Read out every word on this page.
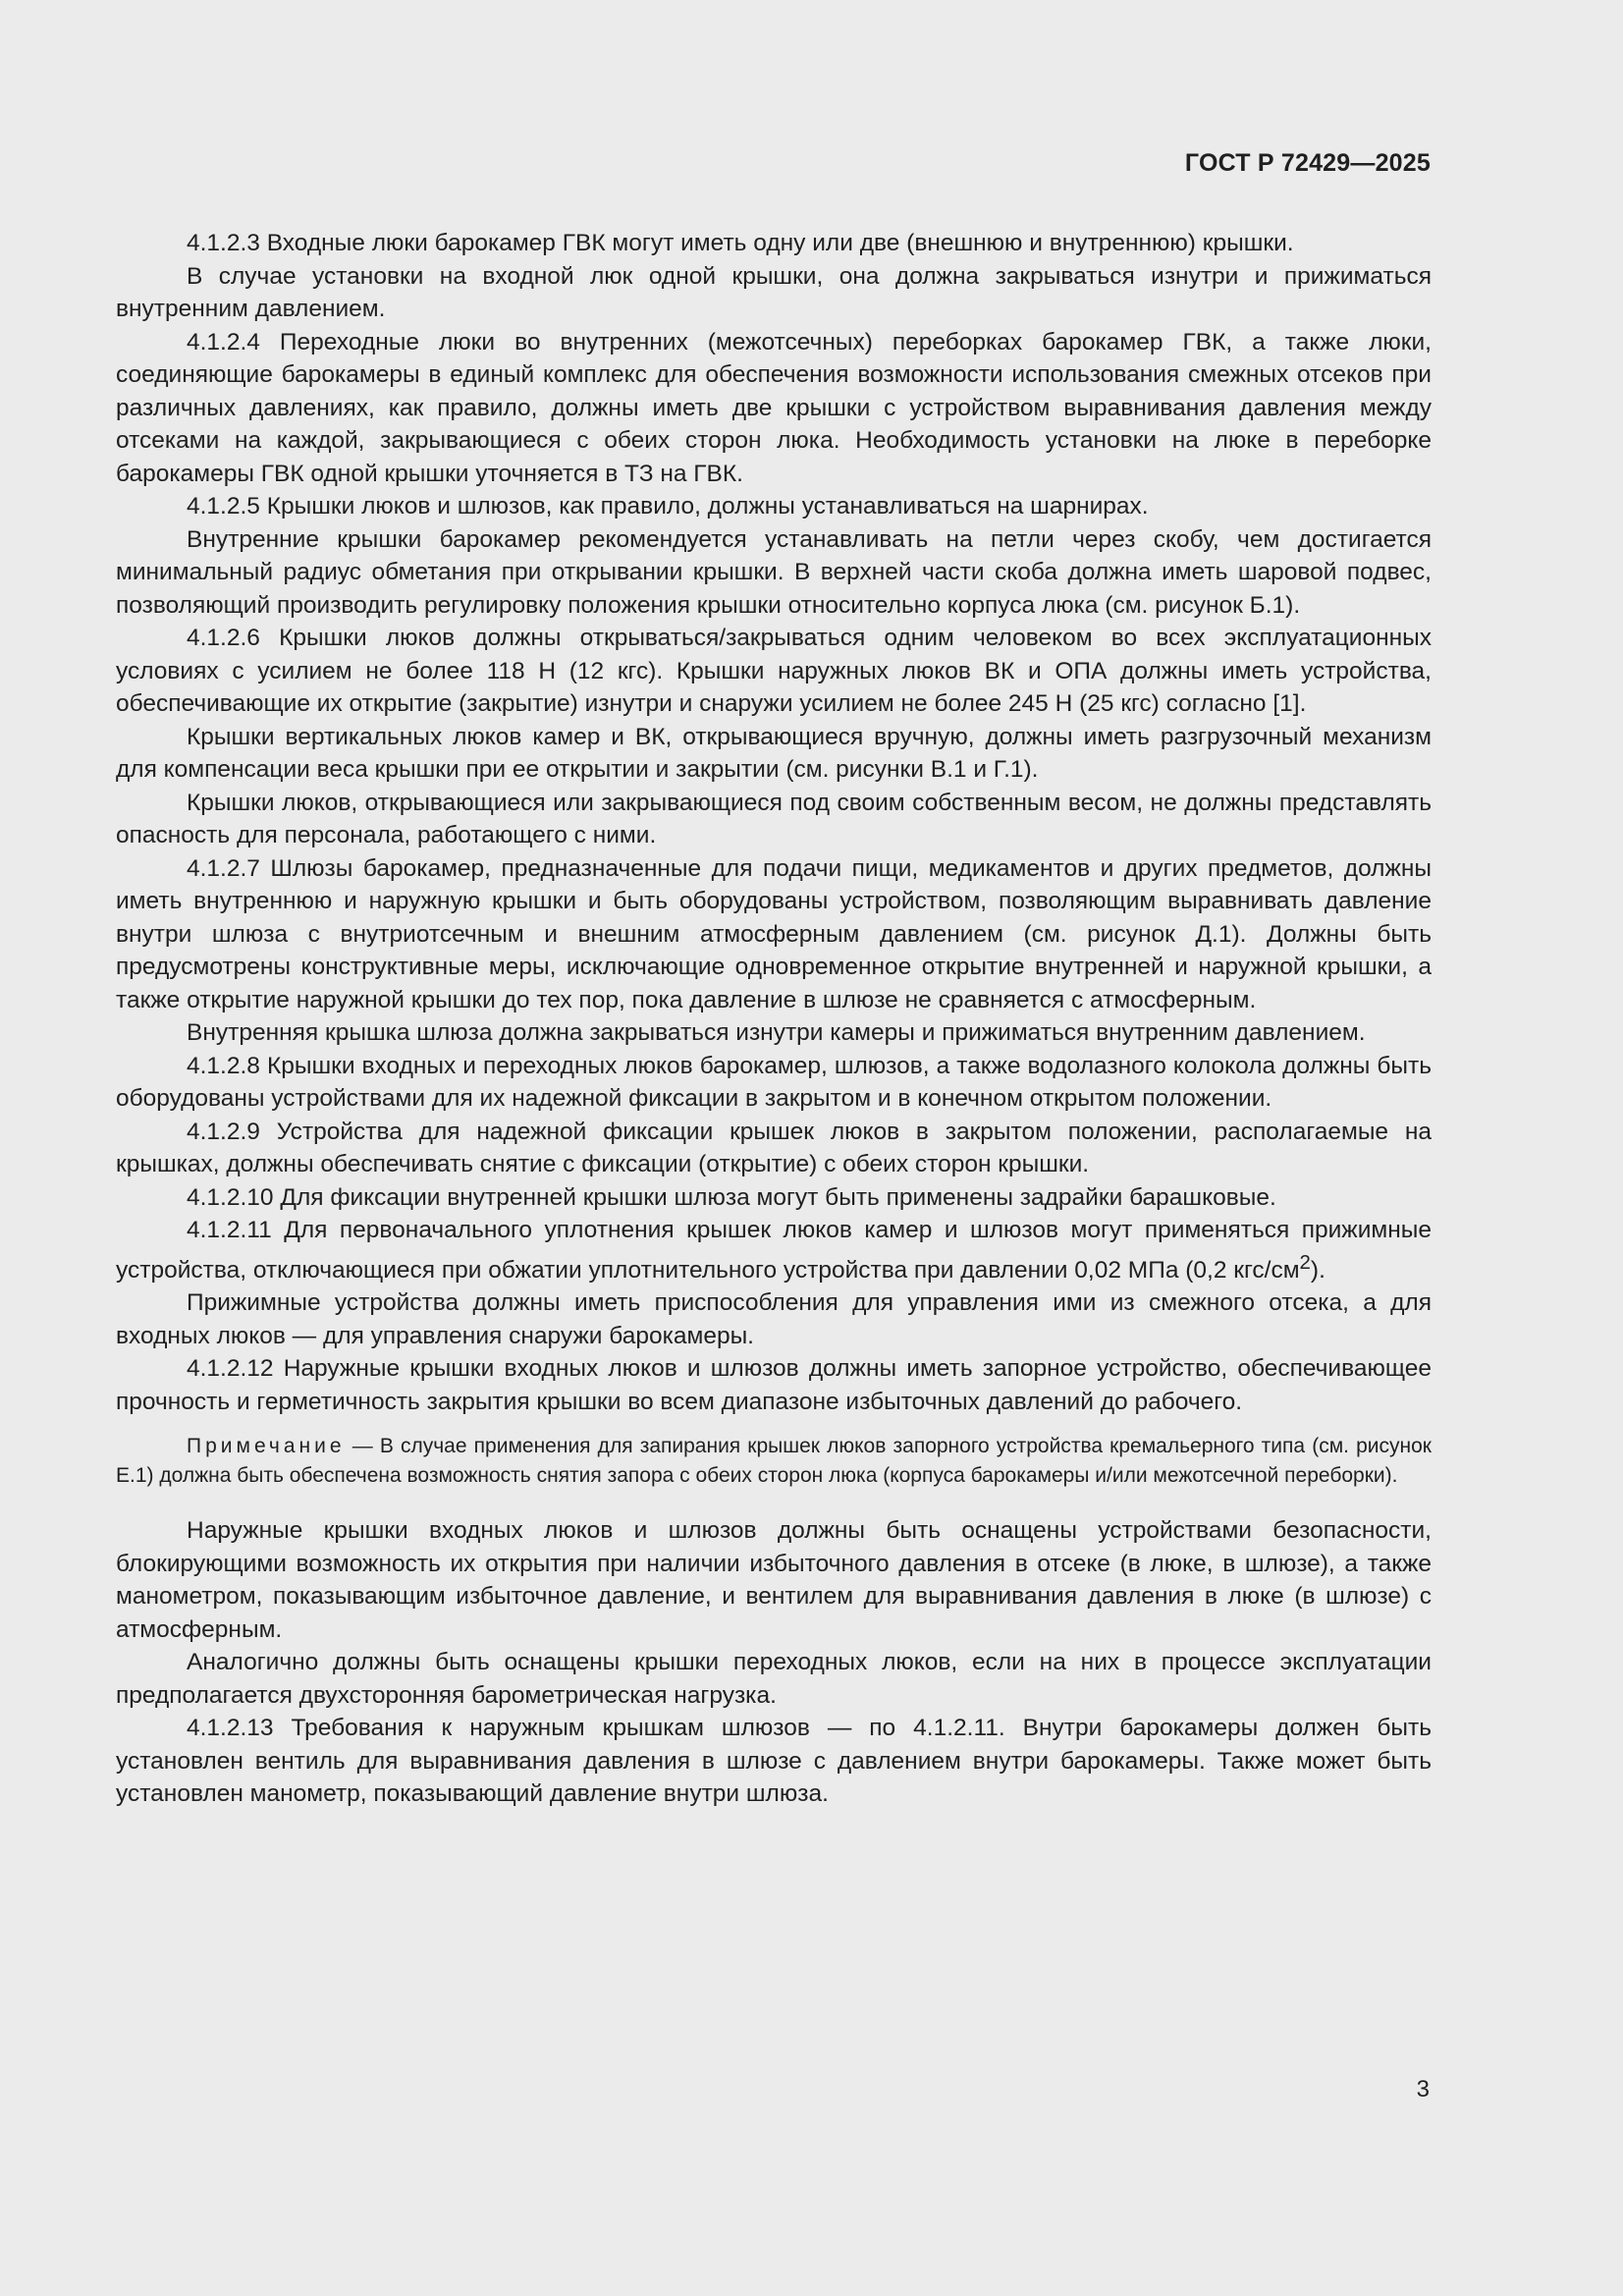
ГОСТ Р 72429—2025

4.1.2.3 Входные люки барокамер ГВК могут иметь одну или две (внешнюю и внутреннюю) крышки.

В случае установки на входной люк одной крышки, она должна закрываться изнутри и прижиматься внутренним давлением.

4.1.2.4 Переходные люки во внутренних (межотсечных) переборках барокамер ГВК, а также люки, соединяющие барокамеры в единый комплекс для обеспечения возможности использования смежных отсеков при различных давлениях, как правило, должны иметь две крышки с устройством выравнивания давления между отсеками на каждой, закрывающиеся с обеих сторон люка. Необходимость установки на люке в переборке барокамеры ГВК одной крышки уточняется в ТЗ на ГВК.

4.1.2.5 Крышки люков и шлюзов, как правило, должны устанавливаться на шарнирах.

Внутренние крышки барокамер рекомендуется устанавливать на петли через скобу, чем достигается минимальный радиус обметания при открывании крышки. В верхней части скоба должна иметь шаровой подвес, позволяющий производить регулировку положения крышки относительно корпуса люка (см. рисунок Б.1).

4.1.2.6 Крышки люков должны открываться/закрываться одним человеком во всех эксплуатационных условиях с усилием не более 118 Н (12 кгс). Крышки наружных люков ВК и ОПА должны иметь устройства, обеспечивающие их открытие (закрытие) изнутри и снаружи усилием не более 245 Н (25 кгс) согласно [1].

Крышки вертикальных люков камер и ВК, открывающиеся вручную, должны иметь разгрузочный механизм для компенсации веса крышки при ее открытии и закрытии (см. рисунки В.1 и Г.1).

Крышки люков, открывающиеся или закрывающиеся под своим собственным весом, не должны представлять опасность для персонала, работающего с ними.

4.1.2.7 Шлюзы барокамер, предназначенные для подачи пищи, медикаментов и других предметов, должны иметь внутреннюю и наружную крышки и быть оборудованы устройством, позволяющим выравнивать давление внутри шлюза с внутриотсечным и внешним атмосферным давлением (см. рисунок Д.1). Должны быть предусмотрены конструктивные меры, исключающие одновременное открытие внутренней и наружной крышки, а также открытие наружной крышки до тех пор, пока давление в шлюзе не сравняется с атмосферным.

Внутренняя крышка шлюза должна закрываться изнутри камеры и прижиматься внутренним давлением.

4.1.2.8 Крышки входных и переходных люков барокамер, шлюзов, а также водолазного колокола должны быть оборудованы устройствами для их надежной фиксации в закрытом и в конечном открытом положении.

4.1.2.9 Устройства для надежной фиксации крышек люков в закрытом положении, располагаемые на крышках, должны обеспечивать снятие с фиксации (открытие) с обеих сторон крышки.

4.1.2.10 Для фиксации внутренней крышки шлюза могут быть применены задрайки барашковые.

4.1.2.11 Для первоначального уплотнения крышек люков камер и шлюзов могут применяться прижимные устройства, отключающиеся при обжатии уплотнительного устройства при давлении 0,02 МПа (0,2 кгс/$см^2$).

Прижимные устройства должны иметь приспособления для управления ими из смежного отсека, а для входных люков — для управления снаружи барокамеры.

4.1.2.12 Наружные крышки входных люков и шлюзов должны иметь запорное устройство, обеспечивающее прочность и герметичность закрытия крышки во всем диапазоне избыточных давлений до рабочего.

Примечание — В случае применения для запирания крышек люков запорного устройства кремальерного типа (см. рисунок Е.1) должна быть обеспечена возможность снятия запора с обеих сторон люка (корпуса барокамеры и/или межотсечной переборки).

Наружные крышки входных люков и шлюзов должны быть оснащены устройствами безопасности, блокирующими возможность их открытия при наличии избыточного давления в отсеке (в люке, в шлюзе), а также манометром, показывающим избыточное давление, и вентилем для выравнивания давления в люке (в шлюзе) с атмосферным.

Аналогично должны быть оснащены крышки переходных люков, если на них в процессе эксплуатации предполагается двухсторонняя барометрическая нагрузка.

4.1.2.13 Требования к наружным крышкам шлюзов — по 4.1.2.11. Внутри барокамеры должен быть установлен вентиль для выравнивания давления в шлюзе с давлением внутри барокамеры. Также может быть установлен манометр, показывающий давление внутри шлюза.

3
